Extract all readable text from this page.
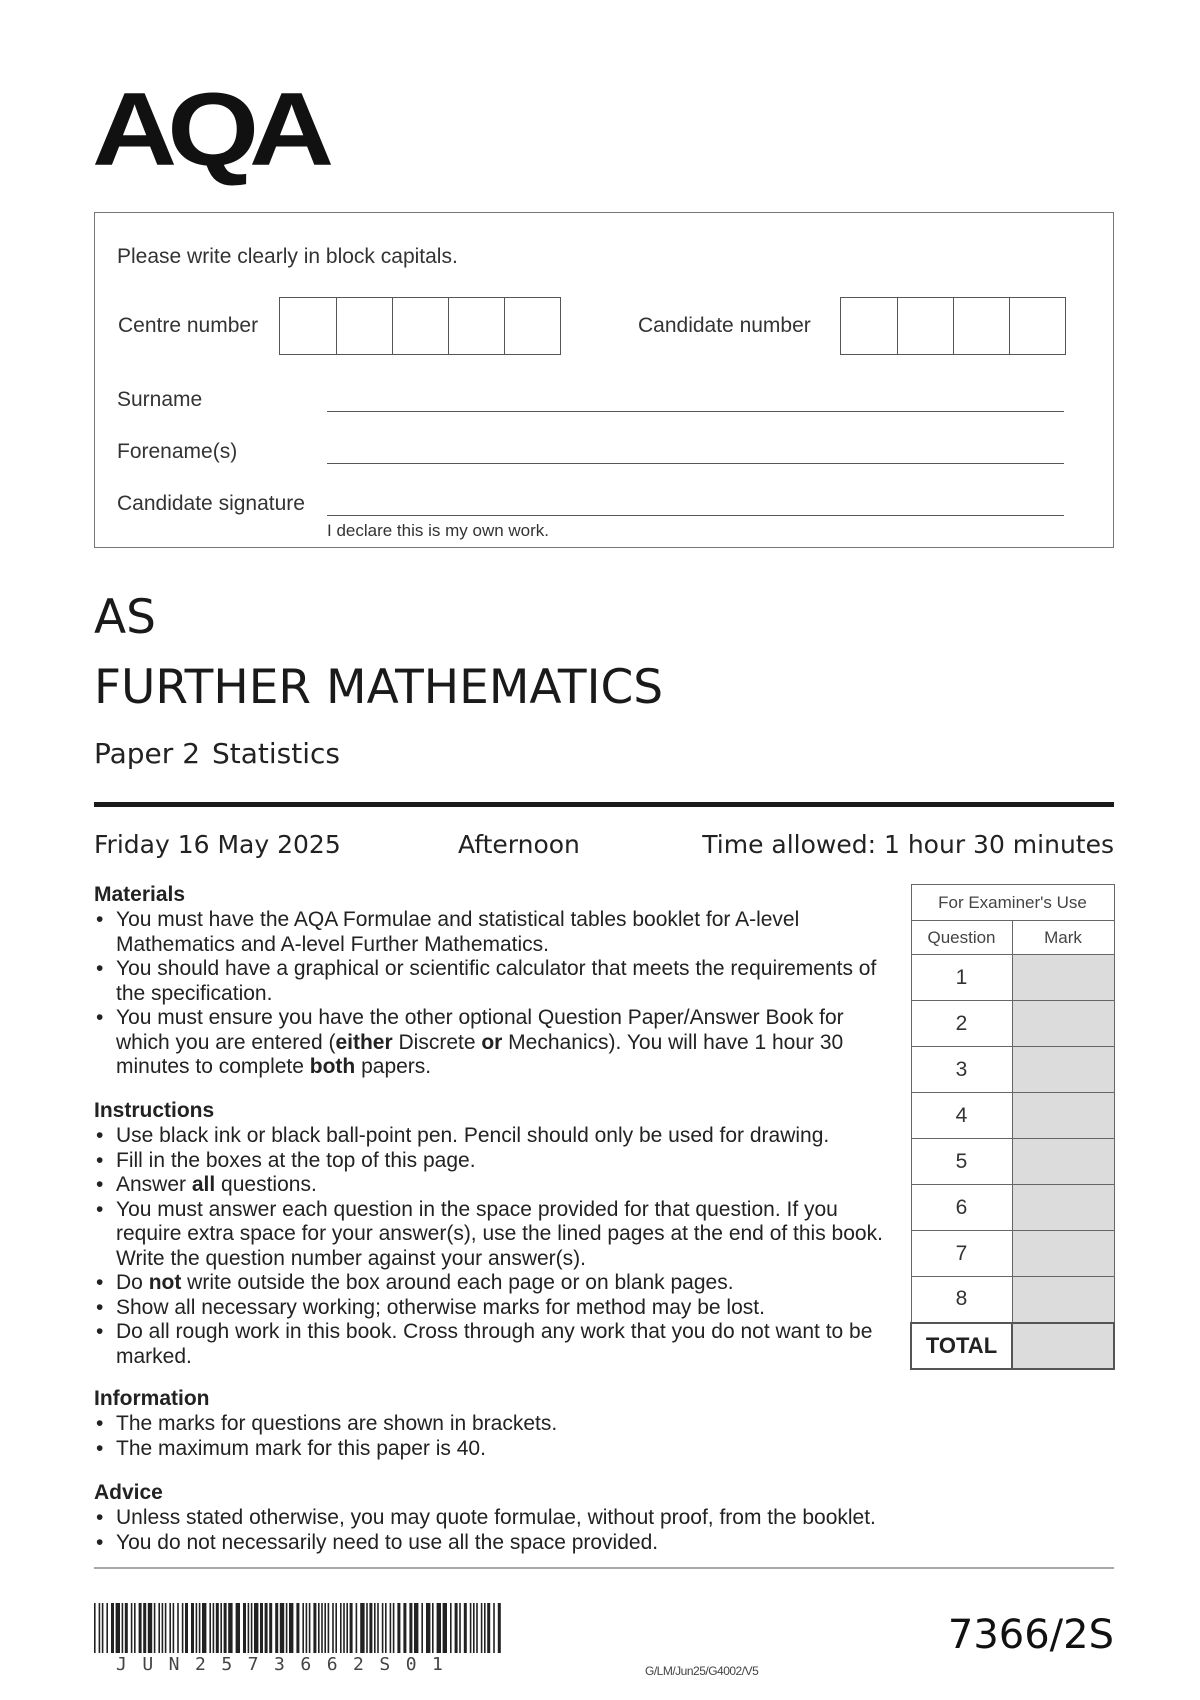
AQA
Please write clearly in block capitals.
Centre number	Candidate number
Surname
Forename(s)
Candidate signature
I declare this is my own work.
AS
FURTHER MATHEMATICS
Paper 2 Statistics
Friday 16 May 2025	Afternoon	Time allowed: 1 hour 30 minutes
Materials
• You must have the AQA Formulae and statistical tables booklet for A-level Mathematics and A-level Further Mathematics.
• You should have a graphical or scientific calculator that meets the requirements of the specification.
• You must ensure you have the other optional Question Paper/Answer Book for which you are entered (either Discrete or Mechanics). You will have 1 hour 30 minutes to complete both papers.
Instructions
• Use black ink or black ball-point pen. Pencil should only be used for drawing.
• Fill in the boxes at the top of this page.
• Answer all questions.
• You must answer each question in the space provided for that question. If you require extra space for your answer(s), use the lined pages at the end of this book. Write the question number against your answer(s).
• Do not write outside the box around each page or on blank pages.
• Show all necessary working; otherwise marks for method may be lost.
• Do all rough work in this book. Cross through any work that you do not want to be marked.
Information
• The marks for questions are shown in brackets.
• The maximum mark for this paper is 40.
Advice
• Unless stated otherwise, you may quote formulae, without proof, from the booklet.
• You do not necessarily need to use all the space provided.
For Examiner's Use	
Question	Mark
1	
2	
3	
4	
5	
6	
7	
8	
TOTAL	
JUN2573662S01	G/LM/Jun25/G4002/V5
7366/2S
